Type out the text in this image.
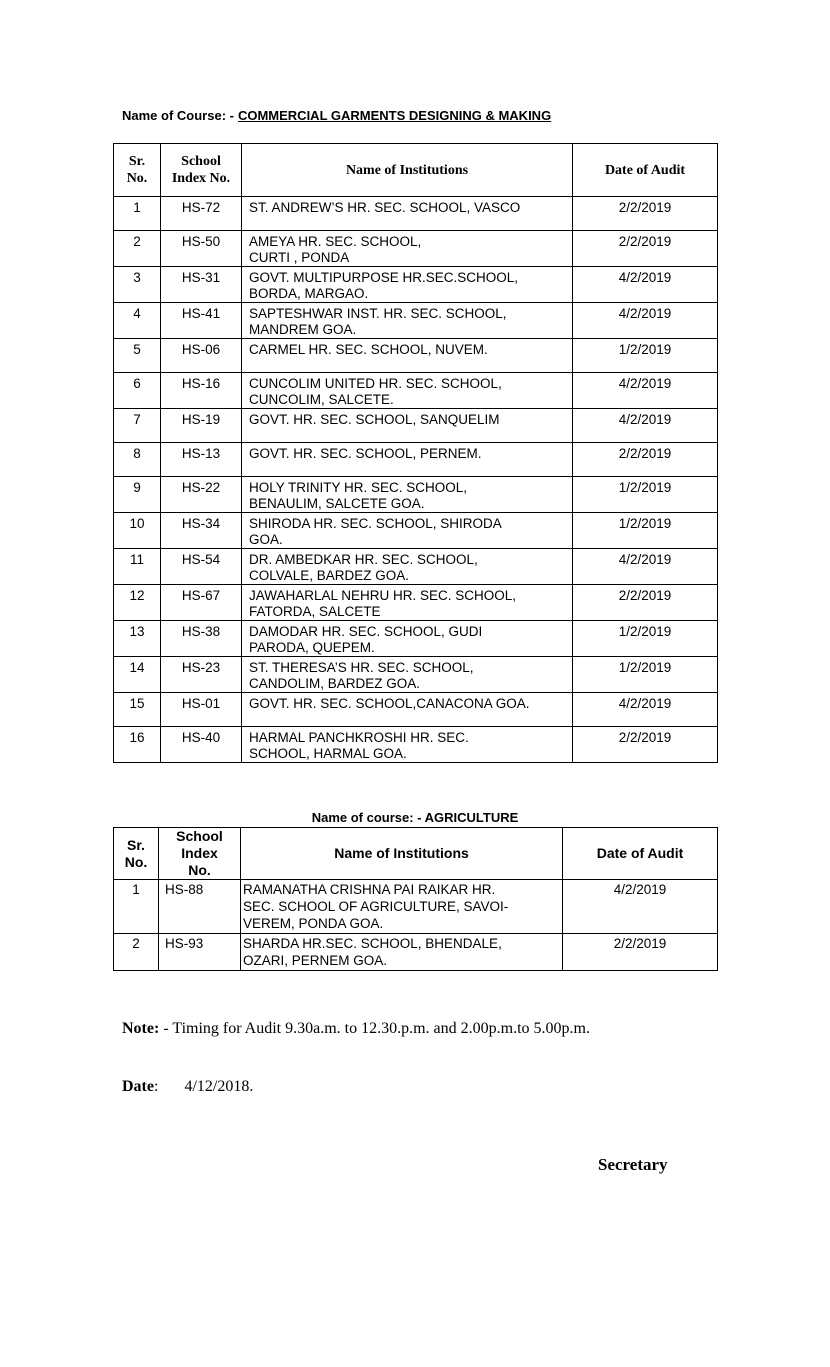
Name of Course: - COMMERCIAL GARMENTS DESIGNING & MAKING
Sr. No.	School Index No.	Name of Institutions	Date of Audit
1	HS-72	ST. ANDREW’S HR. SEC. SCHOOL, VASCO	2/2/2019
2	HS-50	AMEYA HR. SEC. SCHOOL,
CURTI , PONDA	2/2/2019
3	HS-31	GOVT. MULTIPURPOSE HR.SEC.SCHOOL,
BORDA, MARGAO.	4/2/2019
4	HS-41	SAPTESHWAR INST. HR. SEC. SCHOOL,
MANDREM GOA.	4/2/2019
5	HS-06	CARMEL HR. SEC. SCHOOL, NUVEM.	1/2/2019
6	HS-16	CUNCOLIM UNITED HR. SEC. SCHOOL,
CUNCOLIM, SALCETE.	4/2/2019
7	HS-19	GOVT. HR. SEC. SCHOOL, SANQUELIM	4/2/2019
8	HS-13	GOVT. HR. SEC. SCHOOL, PERNEM.	2/2/2019
9	HS-22	HOLY TRINITY HR. SEC. SCHOOL,
BENAULIM, SALCETE GOA.	1/2/2019
10	HS-34	SHIRODA HR. SEC. SCHOOL, SHIRODA
GOA.	1/2/2019
11	HS-54	DR. AMBEDKAR HR. SEC. SCHOOL,
COLVALE, BARDEZ GOA.	4/2/2019
12	HS-67	JAWAHARLAL NEHRU HR. SEC. SCHOOL,
FATORDA, SALCETE	2/2/2019
13	HS-38	DAMODAR HR. SEC. SCHOOL, GUDI
PARODA, QUEPEM.	1/2/2019
14	HS-23	ST. THERESA’S HR. SEC. SCHOOL,
CANDOLIM, BARDEZ GOA.	1/2/2019
15	HS-01	GOVT. HR. SEC. SCHOOL,CANACONA GOA.	4/2/2019
16	HS-40	HARMAL PANCHKROSHI HR. SEC.
SCHOOL, HARMAL GOA.	2/2/2019
Name of course: - AGRICULTURE
Sr. No.	School Index No.	Name of Institutions	Date of Audit
1	HS-88	RAMANATHA CRISHNA PAI RAIKAR HR.
SEC. SCHOOL OF AGRICULTURE, SAVOI-
VEREM, PONDA GOA.	4/2/2019
2	HS-93	SHARDA HR.SEC. SCHOOL, BHENDALE,
OZARI, PERNEM GOA.	2/2/2019
Note: - Timing for Audit 9.30a.m. to 12.30.p.m. and 2.00p.m.to 5.00p.m.
Date: 4/12/2018.
Secretary
